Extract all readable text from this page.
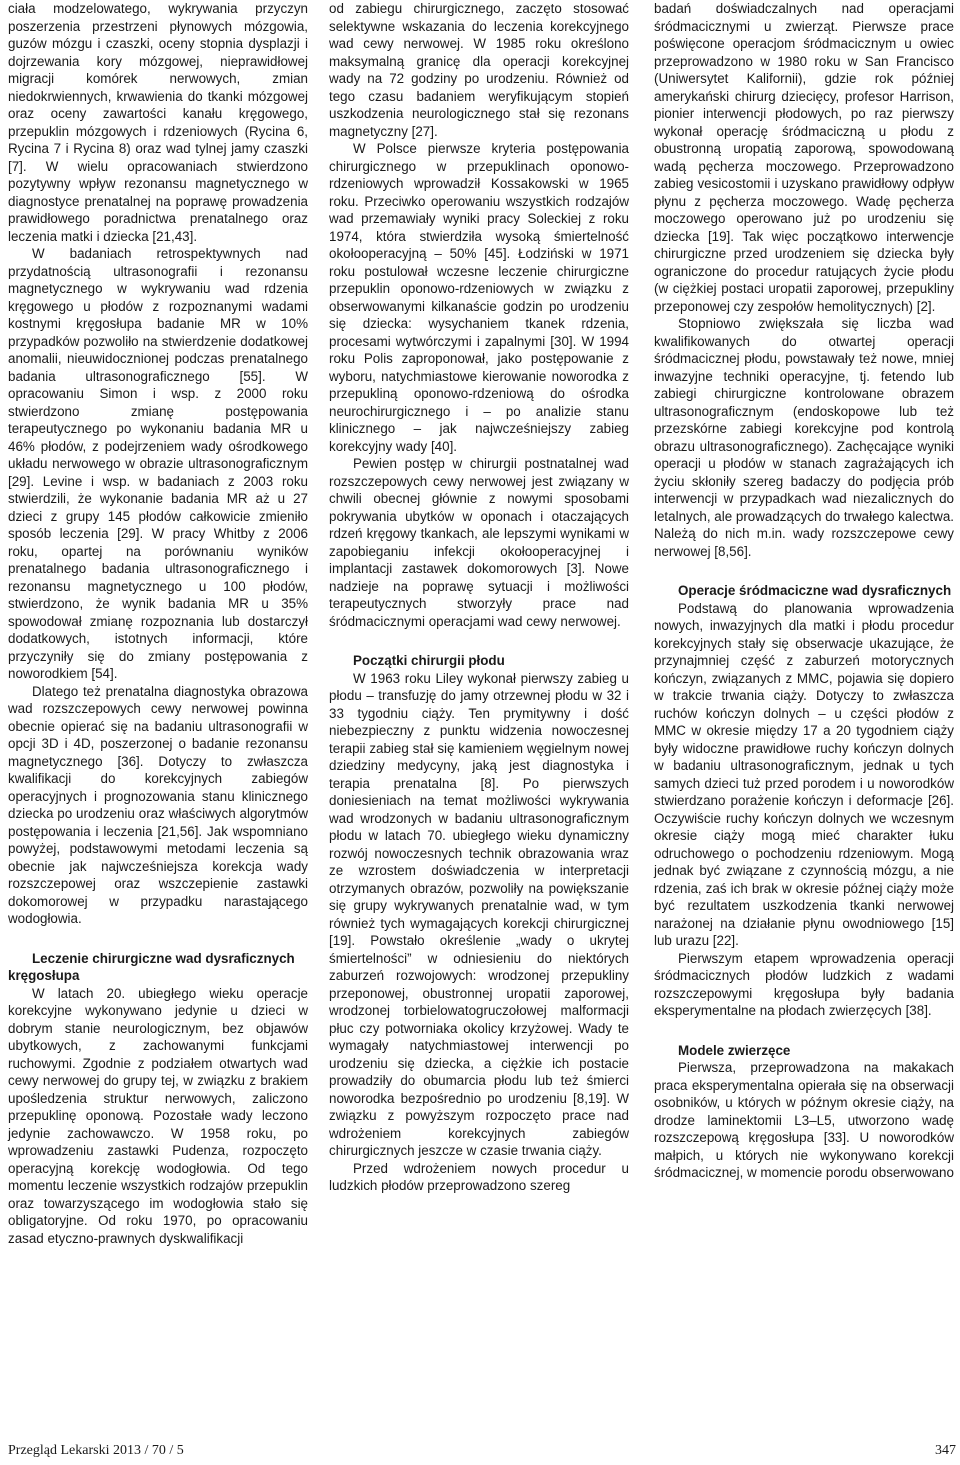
ciała modzelowatego, wykrywania przyczyn poszerzenia przestrzeni płynowych mózgowia, guzów mózgu i czaszki, oceny stopnia dysplazji i dojrzewania kory mózgowej, nieprawidłowej migracji komórek nerwowych, zmian niedokrwiennych, krwawienia do tkanki mózgowej oraz oceny zawartości kanału kręgowego, przepuklin mózgowych i rdzeniowych (Rycina 6, Rycina 7 i Rycina 8) oraz wad tylnej jamy czaszki [7]. W wielu opracowaniach stwierdzono pozytywny wpływ rezonansu magnetycznego w diagnostyce prenatalnej na poprawę prowadzenia prawidłowego poradnictwa prenatalnego oraz leczenia matki i dziecka [21,43].

W badaniach retrospektywnych nad przydatnością ultrasonografii i rezonansu magnetycznego w wykrywaniu wad rdzenia kręgowego u płodów z rozpoznanymi wadami kostnymi kręgosłupa badanie MR w 10% przypadków pozwoliło na stwierdzenie dodatkowej anomalii, nieuwidocznionej podczas prenatalnego badania ultrasonograficznego [55]. W opracowaniu Simon i wsp. z 2000 roku stwierdzono zmianę postępowania terapeutycznego po wykonaniu badania MR u 46% płodów, z podejrzeniem wady ośrodkowego układu nerwowego w obrazie ultrasonograficznym [29]. Levine i wsp. w badaniach z 2003 roku stwierdzili, że wykonanie badania MR aż u 27 dzieci z grupy 145 płodów całkowicie zmieniło sposób leczenia [29]. W pracy Whitby z 2006 roku, opartej na porównaniu wyników prenatalnego badania ultrasonograficznego i rezonansu magnetycznego u 100 płodów, stwierdzono, że wynik badania MR u 35% spowodował zmianę rozpoznania lub dostarczył dodatkowych, istotnych informacji, które przyczyniły się do zmiany postępowania z noworodkiem [54].

Dlatego też prenatalna diagnostyka obrazowa wad rozszczepowych cewy nerwowej powinna obecnie opierać się na badaniu ultrasonografii w opcji 3D i 4D, poszerzonej o badanie rezonansu magnetycznego [36]. Dotyczy to zwłaszcza kwalifikacji do korekcyjnych zabiegów operacyjnych i prognozowania stanu klinicznego dziecka po urodzeniu oraz właściwych algorytmów postępowania i leczenia [21,56]. Jak wspomniano powyżej, podstawowymi metodami leczenia są obecnie jak najwcześniejsza korekcja wady rozszczepowej oraz wszczepienie zastawki dokomorowej w przypadku narastającego wodogłowia.

Leczenie chirurgiczne wad dysraficznych kręgosłupa

W latach 20. ubiegłego wieku operacje korekcyjne wykonywano jedynie u dzieci w dobrym stanie neurologicznym, bez objawów ubytkowych, z zachowanymi funkcjami ruchowymi. Zgodnie z podziałem otwartych wad cewy nerwowej do grupy tej, w związku z brakiem upośledzenia struktur nerwowych, zaliczono przepuklinę oponową. Pozostałe wady leczono jedynie zachowawczo. W 1958 roku, po wprowadzeniu zastawki Pudenza, rozpoczęto operacyjną korekcję wodogłowia. Od tego momentu leczenie wszystkich rodzajów przepuklin oraz towarzyszącego im wodogłowia stało się obligatoryjne. Od roku 1970, po opracowaniu zasad etyczno-prawnych dyskwalifikacji

od zabiegu chirurgicznego, zaczęto stosować selektywne wskazania do leczenia korekcyjnego wad cewy nerwowej. W 1985 roku określono maksymalną granicę dla operacji korekcyjnej wady na 72 godziny po urodzeniu. Również od tego czasu badaniem weryfikującym stopień uszkodzenia neurologicznego stał się rezonans magnetyczny [27].

W Polsce pierwsze kryteria postępowania chirurgicznego w przepuklinach oponowo-rdzeniowych wprowadził Kossakowski w 1965 roku. Przeciwko operowaniu wszystkich rodzajów wad przemawiały wyniki pracy Soleckiej z roku 1974, która stwierdziła wysoką śmiertelność okołooperacyjną – 50% [45]. Łodziński w 1971 roku postulował wczesne leczenie chirurgiczne przepuklin oponowo-rdzeniowych w związku z obserwowanymi kilkanaście godzin po urodzeniu się dziecka: wysychaniem tkanek rdzenia, procesami wytwórczymi i zapalnymi [30]. W 1994 roku Polis zaproponował, jako postępowanie z wyboru, natychmiastowe kierowanie noworodka z przepukliną oponowo-rdzeniową do ośrodka neurochirurgicznego i – po analizie stanu klinicznego – jak najwcześniejszy zabieg korekcyjny wady [40].

Pewien postęp w chirurgii postnatalnej wad rozszczepowych cewy nerwowej jest związany w chwili obecnej głównie z nowymi sposobami pokrywania ubytków w oponach i otaczających rdzeń kręgowy tkankach, ale lepszymi wynikami w zapobieganiu infekcji okołooperacyjnej i implantacji zastawek dokomorowych [3]. Nowe nadzieje na poprawę sytuacji i możliwości terapeutycznych stworzyły prace nad śródmacicznymi operacjami wad cewy nerwowej.

Początki chirurgii płodu

W 1963 roku Liley wykonał pierwszy zabieg u płodu – transfuzję do jamy otrzewnej płodu w 32 i 33 tygodniu ciąży. Ten prymitywny i dość niebezpieczny z punktu widzenia nowoczesnej terapii zabieg stał się kamieniem węgielnym nowej dziedziny medycyny, jaką jest diagnostyka i terapia prenatalna [8]. Po pierwszych doniesieniach na temat możliwości wykrywania wad wrodzonych w badaniu ultrasonograficznym płodu w latach 70. ubiegłego wieku dynamiczny rozwój nowoczesnych technik obrazowania wraz ze wzrostem doświadczenia w interpretacji otrzymanych obrazów, pozwoliły na powiększanie się grupy wykrywanych prenatalnie wad, w tym również tych wymagających korekcji chirurgicznej [19]. Powstało określenie „wady o ukrytej śmiertelności” w odniesieniu do niektórych zaburzeń rozwojowych: wrodzonej przepukliny przeponowej, obustronnej uropatii zaporowej, wrodzonej torbielowatogruczołowej malformacji płuc czy potworniaka okolicy krzyżowej. Wady te wymagały natychmiastowej interwencji po urodzeniu się dziecka, a ciężkie ich postacie prowadziły do obumarcia płodu lub też śmierci noworodka bezpośrednio po urodzeniu [8,19]. W związku z powyższym rozpoczęto prace nad wdrożeniem korekcyjnych zabiegów chirurgicznych jeszcze w czasie trwania ciąży.

Przed wdrożeniem nowych procedur u ludzkich płodów przeprowadzono szereg

badań doświadczalnych nad operacjami śródmacicznymi u zwierząt. Pierwsze prace poświęcone operacjom śródmacicznym u owiec przeprowadzono w 1980 roku w San Francisco (Uniwersytet Kalifornii), gdzie rok później amerykański chirurg dziecięcy, profesor Harrison, pionier interwencji płodowych, po raz pierwszy wykonał operację śródmaciczną u płodu z obustronną uropatią zaporową, spowodowaną wadą pęcherza moczowego. Przeprowadzono zabieg vesicostomii i uzyskano prawidłowy odpływ płynu z pęcherza moczowego. Wadę pęcherza moczowego operowano już po urodzeniu się dziecka [19]. Tak więc początkowo interwencje chirurgiczne przed urodzeniem się dziecka były ograniczone do procedur ratujących życie płodu (w ciężkiej postaci uropatii zaporowej, przepukliny przeponowej czy zespołów hemolitycznych) [2].

Stopniowo zwiększała się liczba wad kwalifikowanych do otwartej operacji śródmacicznej płodu, powstawały też nowe, mniej inwazyjne techniki operacyjne, tj. fetendo lub zabiegi chirurgiczne kontrolowane obrazem ultrasonograficznym (endoskopowe lub też przezskórne zabiegi korekcyjne pod kontrolą obrazu ultrasonograficznego). Zachęcające wyniki operacji u płodów w stanach zagrażających ich życiu skłoniły szereg badaczy do podjęcia prób interwencji w przypadkach wad niezalicznych do letalnych, ale prowadzących do trwałego kalectwa. Należą do nich m.in. wady rozszczepowe cewy nerwowej [8,56].

Operacje śródmaciczne wad dysraficznych

Podstawą do planowania wprowadzenia nowych, inwazyjnych dla matki i płodu procedur korekcyjnych stały się obserwacje ukazujące, że przynajmniej część z zaburzeń motorycznych kończyn, związanych z MMC, pojawia się dopiero w trakcie trwania ciąży. Dotyczy to zwłaszcza ruchów kończyn dolnych – u części płodów z MMC w okresie między 17 a 20 tygodniem ciąży były widoczne prawidłowe ruchy kończyn dolnych w badaniu ultrasonograficznym, jednak u tych samych dzieci tuż przed porodem i u noworodków stwierdzano porażenie kończyn i deformacje [26]. Oczywiście ruchy kończyn dolnych we wczesnym okresie ciąży mogą mieć charakter łuku odruchowego o pochodzeniu rdzeniowym. Mogą jednak być związane z czynnością mózgu, a nie rdzenia, zaś ich brak w okresie późnej ciąży może być rezultatem uszkodzenia tkanki nerwowej narażonej na działanie płynu owodniowego [15] lub urazu [22].

Pierwszym etapem wprowadzenia operacji śródmacicznych płodów ludzkich z wadami rozszczepowymi kręgosłupa były badania eksperymentalne na płodach zwierzęcych [38].

Modele zwierzęce

Pierwsza, przeprowadzona na makakach praca eksperymentalna opierała się na obserwacji osobników, u których w późnym okresie ciąży, na drodze laminektomii L3–L5, utworzono wadę rozszczepową kręgosłupa [33]. U noworodków małpich, u których nie wykonywano korekcji śródmacicznej, w momencie porodu obserwowano

Przegląd Lekarski 2013 / 70 / 5	347
